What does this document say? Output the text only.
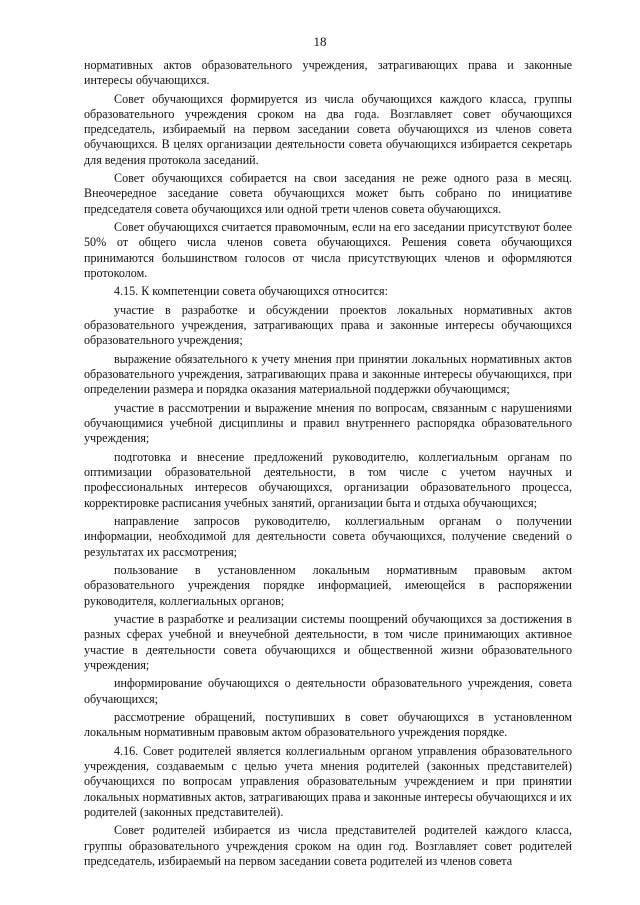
18

нормативных актов образовательного учреждения, затрагивающих права и законные интересы обучающихся.

Совет обучающихся формируется из числа обучающихся каждого класса, группы образовательного учреждения сроком на два года. Возглавляет совет обучающихся председатель, избираемый на первом заседании совета обучающихся из членов совета обучающихся. В целях организации деятельности совета обучающихся избирается секретарь для ведения протокола заседаний.

Совет обучающихся собирается на свои заседания не реже одного раза в месяц. Внеочередное заседание совета обучающихся может быть собрано по инициативе председателя совета обучающихся или одной трети членов совета обучающихся.

Совет обучающихся считается правомочным, если на его заседании присутствуют более 50% от общего числа членов совета обучающихся. Решения совета обучающихся принимаются большинством голосов от числа присутствующих членов и оформляются протоколом.

4.15. К компетенции совета обучающихся относится:

участие в разработке и обсуждении проектов локальных нормативных актов образовательного учреждения, затрагивающих права и законные интересы обучающихся образовательного учреждения;

выражение обязательного к учету мнения при принятии локальных нормативных актов образовательного учреждения, затрагивающих права и законные интересы обучающихся, при определении размера и порядка оказания материальной поддержки обучающимся;

участие в рассмотрении и выражение мнения по вопросам, связанным с нарушениями обучающимися учебной дисциплины и правил внутреннего распорядка образовательного учреждения;

подготовка и внесение предложений руководителю, коллегиальным органам по оптимизации образовательной деятельности, в том числе с учетом научных и профессиональных интересов обучающихся, организации образовательного процесса, корректировке расписания учебных занятий, организации быта и отдыха обучающихся;

направление запросов руководителю, коллегиальным органам о получении информации, необходимой для деятельности совета обучающихся, получение сведений о результатах их рассмотрения;

пользование в установленном локальным нормативным правовым актом образовательного учреждения порядке информацией, имеющейся в распоряжении руководителя, коллегиальных органов;

участие в разработке и реализации системы поощрений обучающихся за достижения в разных сферах учебной и внеучебной деятельности, в том числе принимающих активное участие в деятельности совета обучающихся и общественной жизни образовательного учреждения;

информирование обучающихся о деятельности образовательного учреждения, совета обучающихся;

рассмотрение обращений, поступивших в совет обучающихся в установленном локальным нормативным правовым актом образовательного учреждения порядке.

4.16. Совет родителей является коллегиальным органом управления образовательного учреждения, создаваемым с целью учета мнения родителей (законных представителей) обучающихся по вопросам управления образовательным учреждением и при принятии локальных нормативных актов, затрагивающих права и законные интересы обучающихся и их родителей (законных представителей).

Совет родителей избирается из числа представителей родителей каждого класса, группы образовательного учреждения сроком на один год. Возглавляет совет родителей председатель, избираемый на первом заседании совета родителей из членов совета
